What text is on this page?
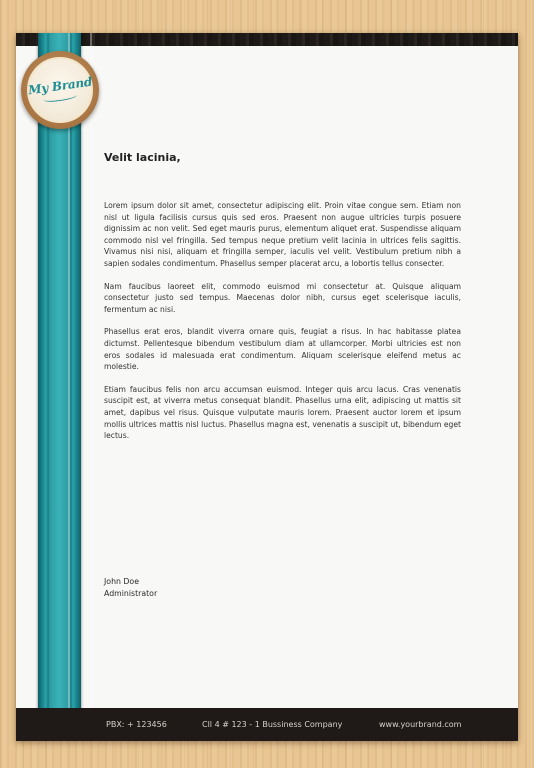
My Brand

Velit lacinia,

Lorem ipsum dolor sit amet, consectetur adipiscing elit. Proin vitae congue sem. Etiam non nisl ut ligula facilisis cursus quis sed eros. Praesent non augue ultricies turpis posuere dignissim ac non velit. Sed eget mauris purus, elementum aliquet erat. Suspendisse aliquam commodo nisl vel fringilla. Sed tempus neque pretium velit lacinia in ultrices felis sagittis. Vivamus nisi nisi, aliquam et fringilla semper, iaculis vel velit. Vestibulum pretium nibh a sapien sodales condimentum. Phasellus semper placerat arcu, a lobortis tellus consecter.

Nam faucibus laoreet elit, commodo euismod mi consectetur at. Quisque aliquam consectetur justo sed tempus. Maecenas dolor nibh, cursus eget scelerisque iaculis, fermentum ac nisi.

Phasellus erat eros, blandit viverra ornare quis, feugiat a risus. In hac habitasse platea dictumst. Pellentesque bibendum vestibulum diam at ullamcorper. Morbi ultricies est non eros sodales id malesuada erat condimentum. Aliquam scelerisque eleifend metus ac molestie.

Etiam faucibus felis non arcu accumsan euismod. Integer quis arcu lacus. Cras venenatis suscipit est, at viverra metus consequat blandit. Phasellus urna elit, adipiscing ut mattis sit amet, dapibus vel risus. Quisque vulputate mauris lorem. Praesent auctor lorem et ipsum mollis ultrices mattis nisl luctus. Phasellus magna est, venenatis a suscipit ut, bibendum eget lectus.

John Doe
Administrator
PBX: + 123456	Cll 4 # 123 - 1 Bussiness Company	www.yourbrand.com
